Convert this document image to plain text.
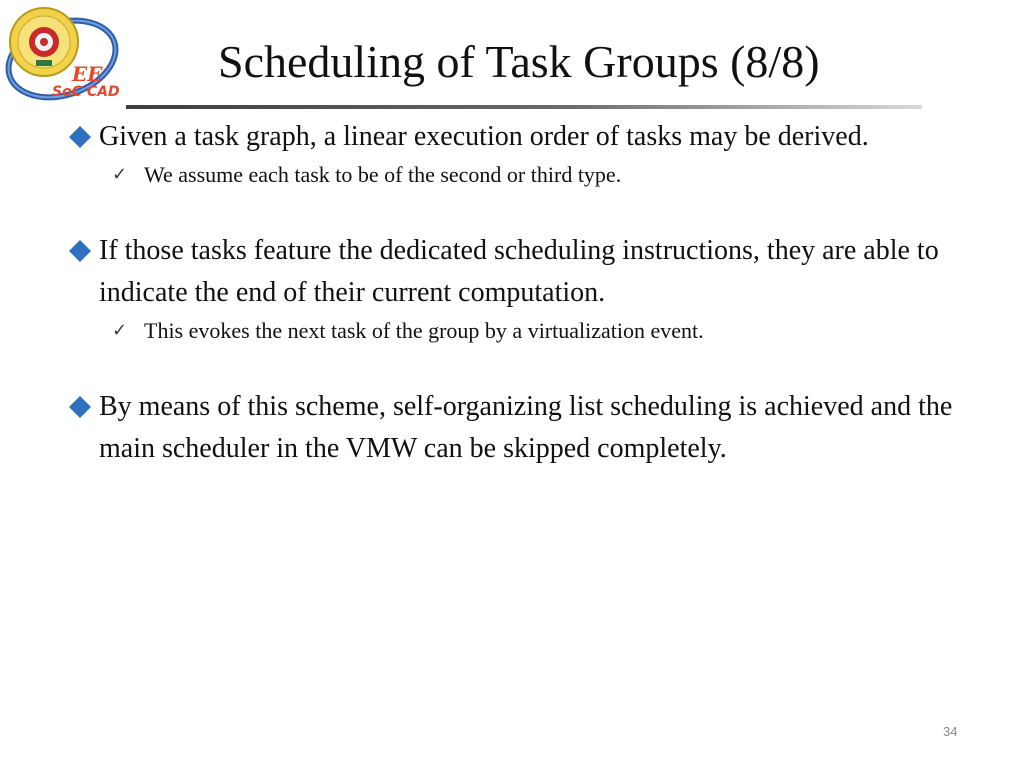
EE
SoC CAD
Scheduling of Task Groups (8/8)
Given a task graph, a linear execution order of tasks may be derived.
✓ We assume each task to be of the second or third type.
If those tasks feature the dedicated scheduling instructions, they are able to indicate the end of their current computation.
✓ This evokes the next task of the group by a virtualization event.
By means of this scheme, self-organizing list scheduling is achieved and the main scheduler in the VMW can be skipped completely.
34
